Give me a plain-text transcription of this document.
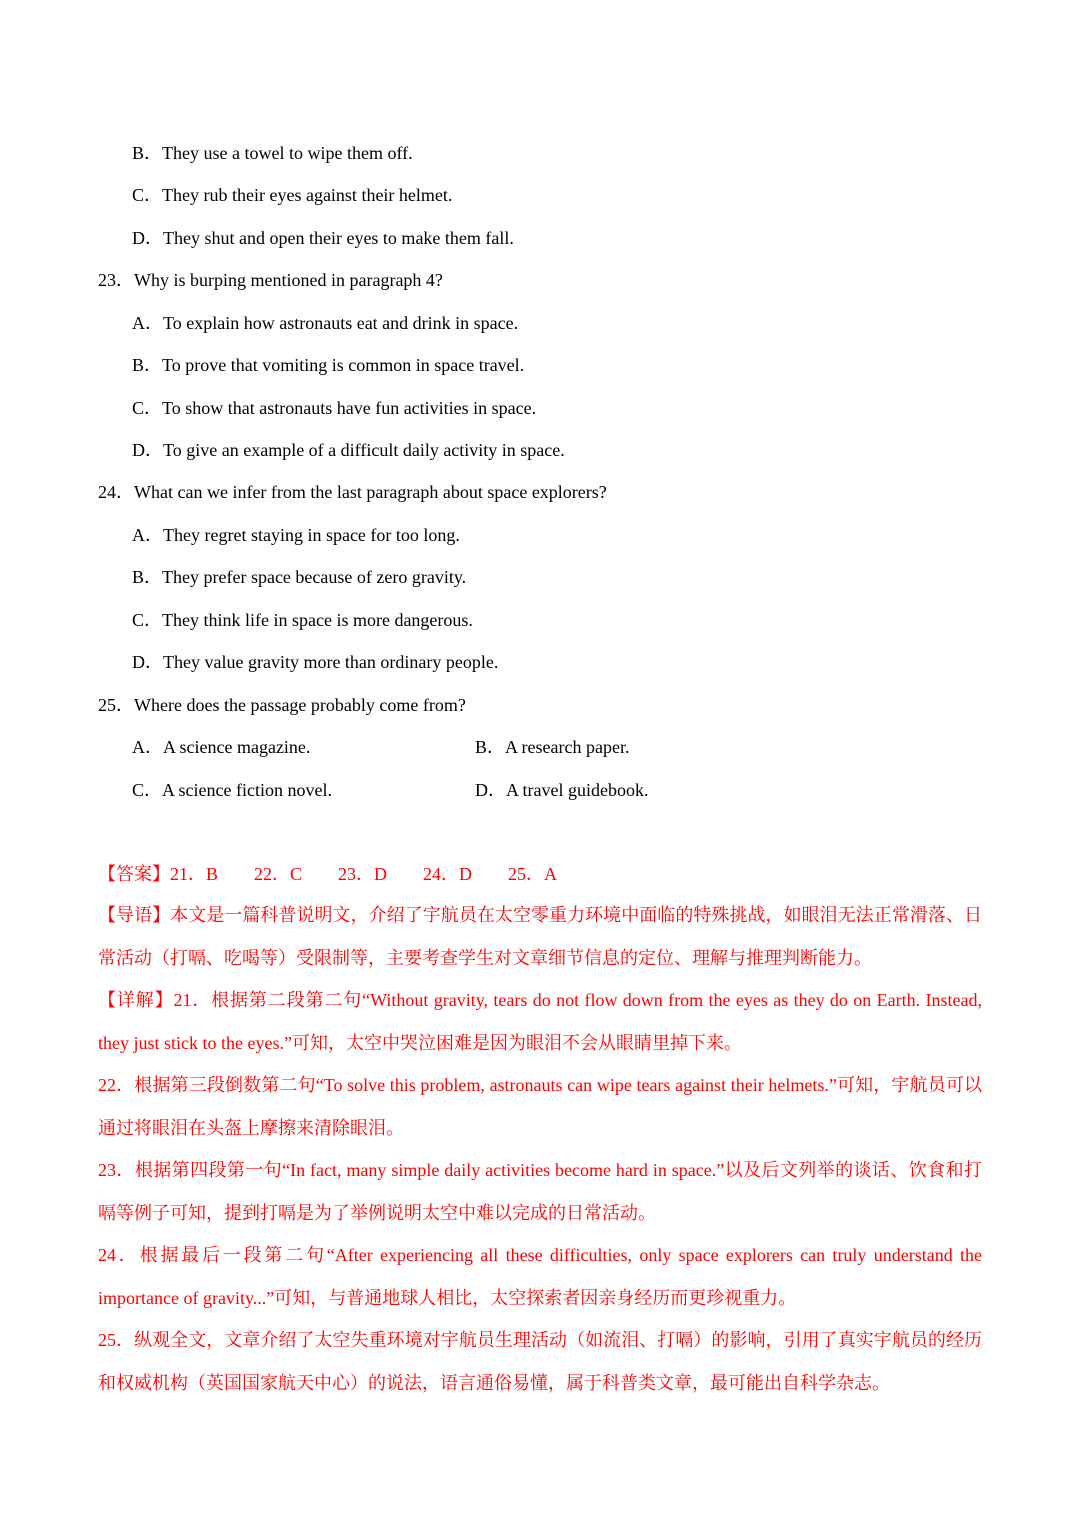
B．They use a towel to wipe them off.
C．They rub their eyes against their helmet.
D．They shut and open their eyes to make them fall.
23．Why is burping mentioned in paragraph 4?
A．To explain how astronauts eat and drink in space.
B．To prove that vomiting is common in space travel.
C．To show that astronauts have fun activities in space.
D．To give an example of a difficult daily activity in space.
24．What can we infer from the last paragraph about space explorers?
A．They regret staying in space for too long.
B．They prefer space because of zero gravity.
C．They think life in space is more dangerous.
D．They value gravity more than ordinary people.
25．Where does the passage probably come from?
A．A science magazine.	B．A research paper.
C．A science fiction novel.	D．A travel guidebook.
【答案】21．B 22．C 23．D 24．D 25．A

【导语】本文是一篇科普说明文，介绍了宇航员在太空零重力环境中面临的特殊挑战，如眼泪无法正常滑落、日常活动（打嗝、吃喝等）受限制等，主要考查学生对文章细节信息的定位、理解与推理判断能力。

【详解】21．根据第二段第二句“Without gravity, tears do not flow down from the eyes as they do on Earth. Instead, they just stick to the eyes.”可知，太空中哭泣困难是因为眼泪不会从眼睛里掉下来。

22．根据第三段倒数第二句“To solve this problem, astronauts can wipe tears against their helmets.”可知，宇航员可以通过将眼泪在头盔上摩擦来清除眼泪。

23．根据第四段第一句“In fact, many simple daily activities become hard in space.”以及后文列举的谈话、饮食和打嗝等例子可知，提到打嗝是为了举例说明太空中难以完成的日常活动。

24．根据最后一段第二句“After experiencing all these difficulties, only space explorers can truly understand the importance of gravity...”可知，与普通地球人相比，太空探索者因亲身经历而更珍视重力。

25．纵观全文，文章介绍了太空失重环境对宇航员生理活动（如流泪、打嗝）的影响，引用了真实宇航员的经历和权威机构（英国国家航天中心）的说法，语言通俗易懂，属于科普类文章，最可能出自科学杂志。
